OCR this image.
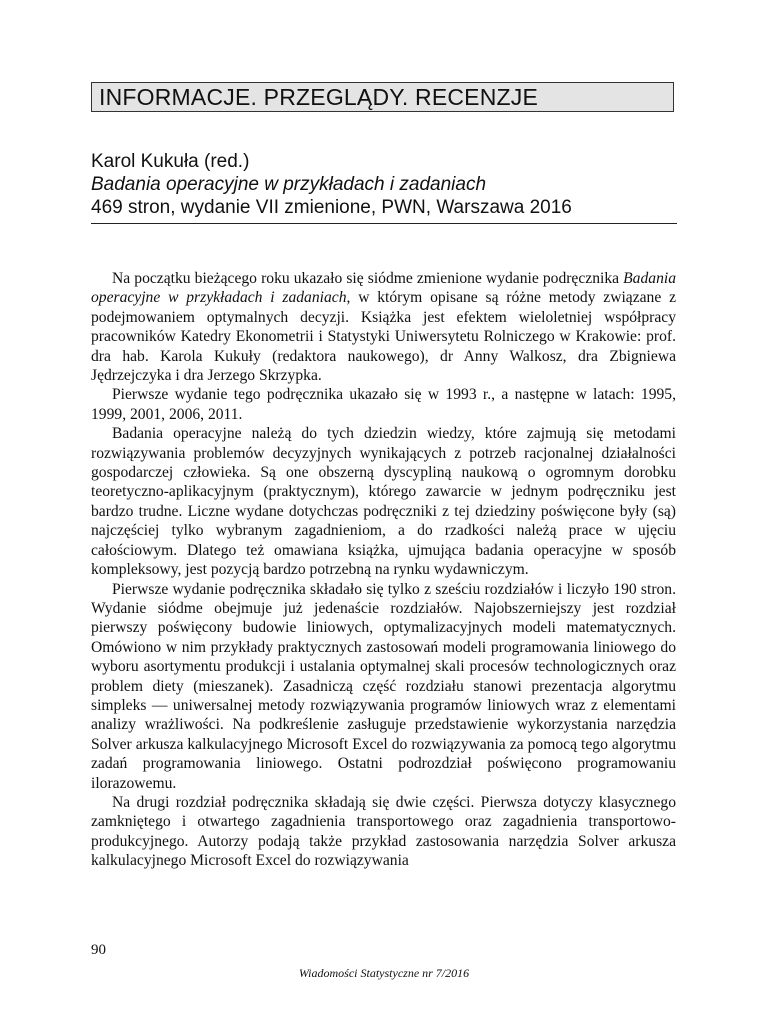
INFORMACJE. PRZEGLĄDY. RECENZJE
Karol Kukuła (red.)
Badania operacyjne w przykładach i zadaniach
469 stron, wydanie VII zmienione, PWN, Warszawa 2016

Na początku bieżącego roku ukazało się siódme zmienione wydanie podręcznika Badania operacyjne w przykładach i zadaniach, w którym opisane są różne metody związane z podejmowaniem optymalnych decyzji. Książka jest efektem wieloletniej współpracy pracowników Katedry Ekonometrii i Statystyki Uniwersytetu Rolniczego w Krakowie: prof. dra hab. Karola Kukuły (redaktora naukowego), dr Anny Walkosz, dra Zbigniewa Jędrzejczyka i dra Jerzego Skrzypka.

Pierwsze wydanie tego podręcznika ukazało się w 1993 r., a następne w latach: 1995, 1999, 2001, 2006, 2011.

Badania operacyjne należą do tych dziedzin wiedzy, które zajmują się metodami rozwiązywania problemów decyzyjnych wynikających z potrzeb racjonalnej działalności gospodarczej człowieka. Są one obszerną dyscypliną naukową o ogromnym dorobku teoretyczno-aplikacyjnym (praktycznym), którego zawarcie w jednym podręczniku jest bardzo trudne. Liczne wydane dotychczas podręczniki z tej dziedziny poświęcone były (są) najczęściej tylko wybranym zagadnieniom, a do rzadkości należą prace w ujęciu całościowym. Dlatego też omawiana książka, ujmująca badania operacyjne w sposób kompleksowy, jest pozycją bardzo potrzebną na rynku wydawniczym.

Pierwsze wydanie podręcznika składało się tylko z sześciu rozdziałów i liczyło 190 stron. Wydanie siódme obejmuje już jedenaście rozdziałów. Najobszerniejszy jest rozdział pierwszy poświęcony budowie liniowych, optymalizacyjnych modeli matematycznych. Omówiono w nim przykłady praktycznych zastosowań modeli programowania liniowego do wyboru asortymentu produkcji i ustalania optymalnej skali procesów technologicznych oraz problem diety (mieszanek). Zasadniczą część rozdziału stanowi prezentacja algorytmu simpleks — uniwersalnej metody rozwiązywania programów liniowych wraz z elementami analizy wrażliwości. Na podkreślenie zasługuje przedstawienie wykorzystania narzędzia Solver arkusza kalkulacyjnego Microsoft Excel do rozwiązywania za pomocą tego algorytmu zadań programowania liniowego. Ostatni podrozdział poświęcono programowaniu ilorazowemu.

Na drugi rozdział podręcznika składają się dwie części. Pierwsza dotyczy klasycznego zamkniętego i otwartego zagadnienia transportowego oraz zagadnienia transportowo-produkcyjnego. Autorzy podają także przykład zastosowania narzędzia Solver arkusza kalkulacyjnego Microsoft Excel do rozwiązywania

90
Wiadomości Statystyczne nr 7/2016
